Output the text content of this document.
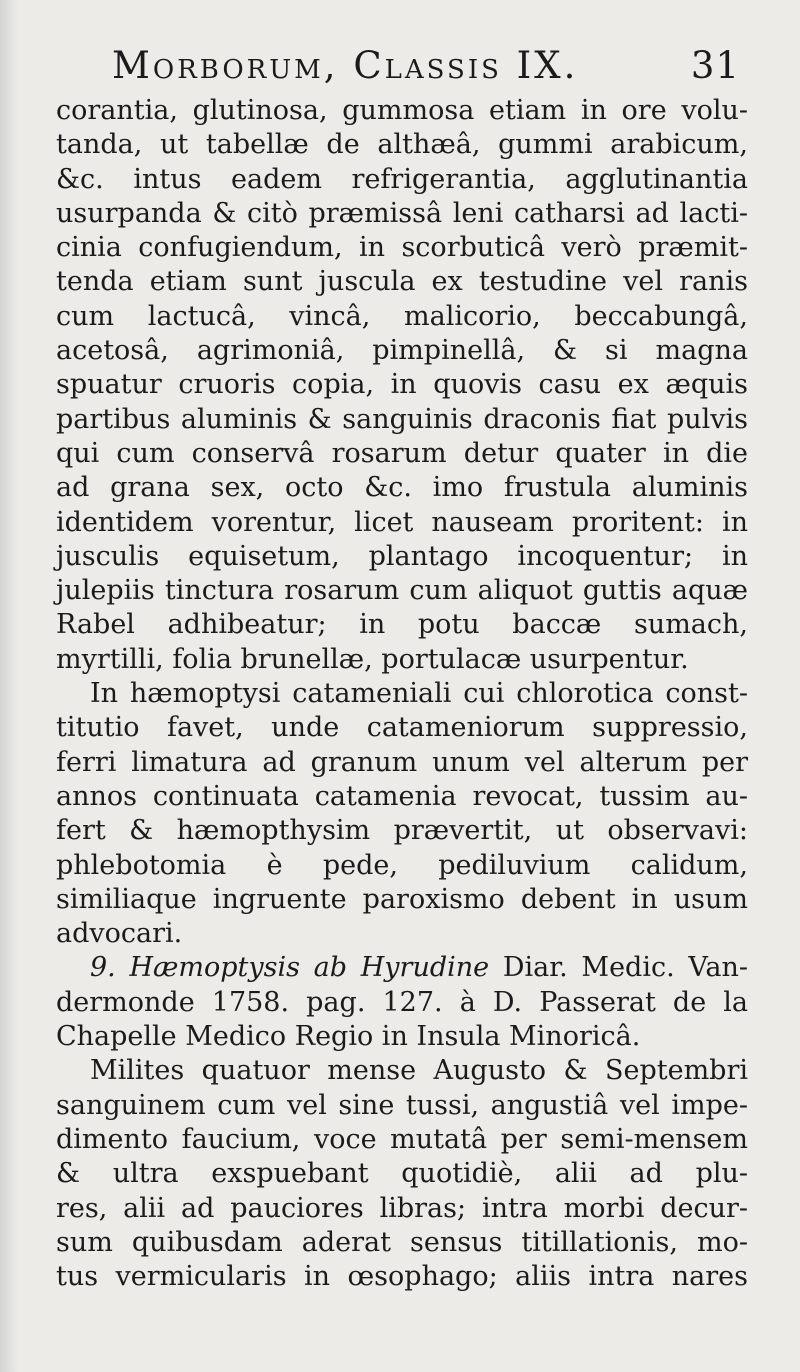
Morborum, Classis IX.	31
corantia, glutinosa, gummosa etiam in ore volu-
tanda, ut tabellæ de althæâ, gummi arabicum,
&c. intus eadem refrigerantia, agglutinantia
usurpanda & citò præmissâ leni catharsi ad lacti-
cinia confugiendum, in scorbuticâ verò præmit-
tenda etiam sunt juscula ex testudine vel ranis
cum lactucâ, vincâ, malicorio, beccabungâ,
acetosâ, agrimoniâ, pimpinellâ, & si magna
spuatur cruoris copia, in quovis casu ex æquis
partibus aluminis & sanguinis draconis fiat pulvis
qui cum conservâ rosarum detur quater in die
ad grana sex, octo &c. imo frustula aluminis
identidem vorentur, licet nauseam proritent: in
jusculis equisetum, plantago incoquentur; in
julepiis tinctura rosarum cum aliquot guttis aquæ
Rabel adhibeatur; in potu baccæ sumach,
myrtilli, folia brunellæ, portulacæ usurpentur.
In hæmoptysi catameniali cui chlorotica const-
titutio favet, unde catameniorum suppressio,
ferri limatura ad granum unum vel alterum per
annos continuata catamenia revocat, tussim au-
fert & hæmopthysim prævertit, ut observavi:
phlebotomia è pede, pediluvium calidum,
similiaque ingruente paroxismo debent in usum
advocari.
9. Hæmoptysis ab Hyrudine Diar. Medic. Van-
dermonde 1758. pag. 127. à D. Passerat de la
Chapelle Medico Regio in Insula Minoricâ.
Milites quatuor mense Augusto & Septembri
sanguinem cum vel sine tussi, angustiâ vel impe-
dimento faucium, voce mutatâ per semi-mensem
& ultra exspuebant quotidiè, alii ad plu-
res, alii ad pauciores libras; intra morbi decur-
sum quibusdam aderat sensus titillationis, mo-
tus vermicularis in œsophago; aliis intra nares
